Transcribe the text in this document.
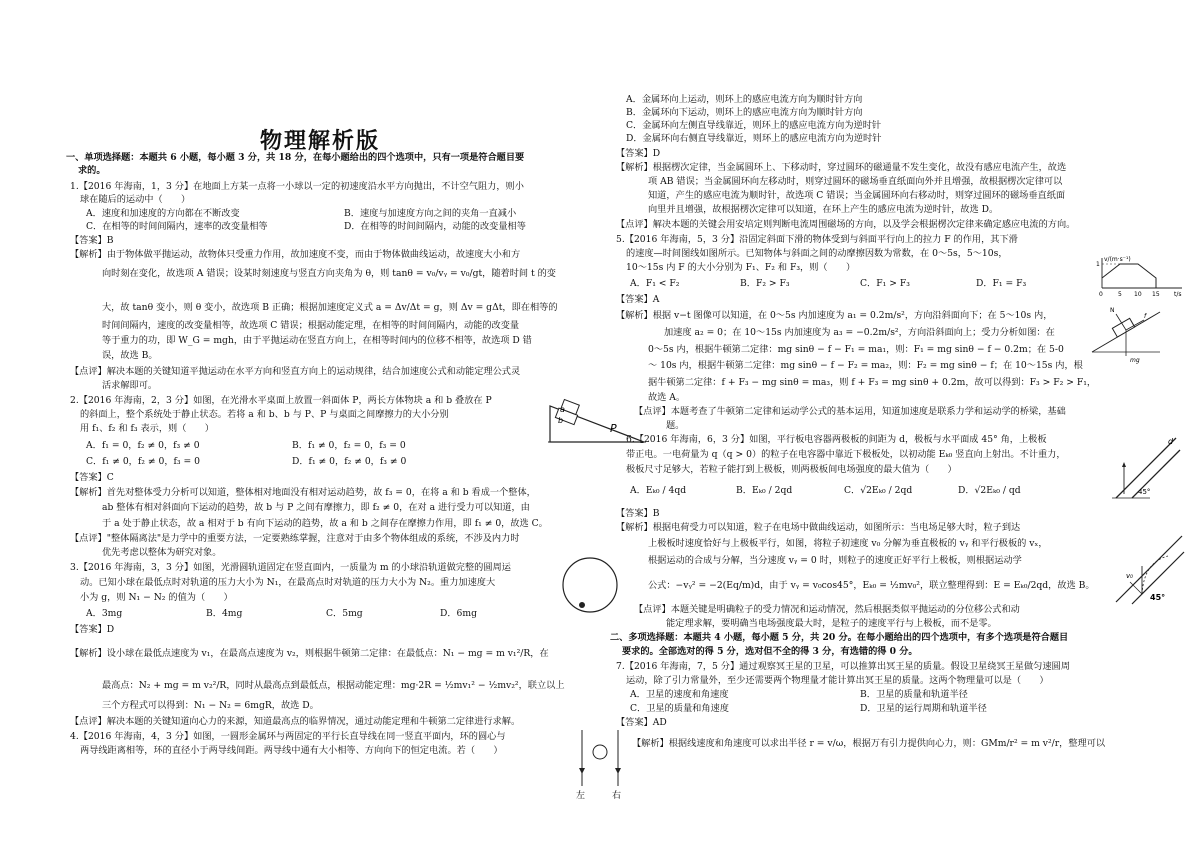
物理解析版
一、单项选择题：本题共 6 小题，每小题 3 分，共 18 分，在每小题给出的四个选项中，只有一项是符合题目要
求的。
1.【2016 年海南，1，3 分】在地面上方某一点将一小球以一定的初速度沿水平方向抛出，不计空气阻力，则小
球在随后的运动中（　　）
A．速度和加速度的方向都在不断改变	B．速度与加速度方向之间的夹角一直减小
C．在相等的时间间隔内，速率的改变量相等	D．在相等的时间间隔内，动能的改变量相等
【答案】B
【解析】由于物体做平抛运动，故物体只受重力作用，故加速度不变，而由于物体做曲线运动，故速度大小和方
向时刻在变化，故选项 A 错误；设某时刻速度与竖直方向夹角为 θ，则 tanθ = v₀/vᵧ = v₀/gt，随着时间 t 的变
大，故 tanθ 变小，则 θ 变小，故选项 B 正确；根据加速度定义式 a = Δv/Δt = g，则 Δv = gΔt，即在相等的
时间间隔内，速度的改变量相等，故选项 C 错误；根据动能定理，在相等的时间间隔内，动能的改变量
等于重力的功，即 W_G = mgh，由于平抛运动在竖直方向上，在相等时间内的位移不相等，故选项 D 错
误，故选 B。
【点评】解决本题的关键知道平抛运动在水平方向和竖直方向上的运动规律，结合加速度公式和动能定理公式灵
活求解即可。
2.【2016 年海南，2，3 分】如图，在光滑水平桌面上放置一斜面体 P，两长方体物块 a 和 b 叠放在 P
的斜面上，整个系统处于静止状态。若将 a 和 b、b 与 P、P 与桌面之间摩擦力的大小分别
用 f₁、f₂ 和 f₃ 表示，则（　　）
A．f₁ = 0，f₂ ≠ 0，f₃ ≠ 0	B．f₁ ≠ 0，f₂ = 0，f₃ = 0
C．f₁ ≠ 0，f₂ ≠ 0，f₃ = 0	D．f₁ ≠ 0，f₂ ≠ 0，f₃ ≠ 0
【答案】C
【解析】首先对整体受力分析可以知道，整体相对地面没有相对运动趋势，故 f₃ = 0，在将 a 和 b 看成一个整体，
ab 整体有相对斜面向下运动的趋势，故 b 与 P 之间有摩擦力，即 f₂ ≠ 0，在对 a 进行受力可以知道，由
于 a 处于静止状态，故 a 相对于 b 有向下运动的趋势，故 a 和 b 之间存在摩擦力作用，即 f₁ ≠ 0，故选 C。
【点评】"整体隔离法"是力学中的重要方法，一定要熟练掌握，注意对于由多个物体组成的系统，不涉及内力时
优先考虑以整体为研究对象。
3.【2016 年海南，3，3 分】如图，光滑圆轨道固定在竖直面内，一质量为 m 的小球沿轨道做完整的圆周运
动。已知小球在最低点时对轨道的压力大小为 N₁，在最高点时对轨道的压力大小为 N₂。重力加速度大
小为 g，则 N₁ − N₂ 的值为（　　）
A．3mg	B．4mg	C．5mg	D．6mg
【答案】D
【解析】设小球在最低点速度为 v₁，在最高点速度为 v₂，则根据牛顿第二定律：在最低点：N₁ − mg = m v₁²/R，在
最高点：N₂ + mg = m v₂²/R，同时从最高点到最低点，根据动能定理：mg·2R = ½mv₁² − ½mv₂²，联立以上
三个方程式可以得到：N₁ − N₂ = 6mgR，故选 D。
【点评】解决本题的关键知道向心力的来源，知道最高点的临界情况，通过动能定理和牛顿第二定律进行求解。
4.【2016 年海南，4，3 分】如图，一圆形金属环与两固定的平行长直导线在同一竖直平面内，环的圆心与
两导线距离相等，环的直径小于两导线间距。两导线中通有大小相等、方向向下的恒定电流。若（　　）
A．金属环向上运动，则环上的感应电流方向为顺时针方向
B．金属环向下运动，则环上的感应电流方向为顺时针方向
C．金属环向左侧直导线靠近，则环上的感应电流方向为逆时针
D．金属环向右侧直导线靠近，则环上的感应电流方向为逆时针
【答案】D
【解析】根据楞次定律，当金属圆环上、下移动时，穿过圆环的磁通量不发生变化，故没有感应电流产生，故选
项 AB 错误；当金属圆环向左移动时，则穿过圆环的磁场垂直纸面向外并且增强，故根据楞次定律可以
知道，产生的感应电流为顺时针，故选项 C 错误；当金属圆环向右移动时，则穿过圆环的磁场垂直纸面
向里并且增强，故根据楞次定律可以知道，在环上产生的感应电流为逆时针，故选 D。
【点评】解决本题的关键会用安培定则判断电流周围磁场的方向，以及学会根据楞次定律来确定感应电流的方向。
5.【2016 年海南，5，3 分】沿固定斜面下滑的物体受到与斜面平行向上的拉力 F 的作用，其下滑
的速度—时间图线如图所示。已知物体与斜面之间的动摩擦因数为常数，在 0～5s，5～10s，
10～15s 内 F 的大小分别为 F₁、F₂ 和 F₃，则（　　）
A．F₁ < F₂	B．F₂ > F₃	C．F₁ > F₃	D．F₁ = F₃
【答案】A
【解析】根据 v−t 图像可以知道，在 0～5s 内加速度为 a₁ = 0.2m/s²，方向沿斜面向下；在 5～10s 内，
加速度 a₂ = 0；在 10～15s 内加速度为 a₃ = −0.2m/s²，方向沿斜面向上；受力分析如图：在
0～5s 内，根据牛顿第二定律：mg sinθ − f − F₁ = ma₁，则：F₁ = mg sinθ − f − 0.2m；在 5-0
～ 10s 内，根据牛顿第二定律：mg sinθ − f − F₂ = ma₂，则：F₂ = mg sinθ − f；在 10～15s 内，根
据牛顿第二定律：f + F₃ − mg sinθ = ma₃，则 f + F₃ = mg sinθ + 0.2m，故可以得到：F₃ > F₂ > F₁，
故选 A。
【点评】本题考查了牛顿第二定律和运动学公式的基本运用，知道加速度是联系力学和运动学的桥梁，基础
题。
6.【2016 年海南，6，3 分】如图，平行板电容器两极板的间距为 d，极板与水平面成 45° 角，上极板
带正电。一电荷量为 q（q > 0）的粒子在电容器中靠近下极板处，以初动能 Eₖ₀ 竖直向上射出。不计重力，
极板尺寸足够大，若粒子能打到上极板，则两极板间电场强度的最大值为（　　）
A．Eₖ₀ / 4qd	B．Eₖ₀ / 2qd	C．√2Eₖ₀ / 2qd	D．√2Eₖ₀ / qd
【答案】B
【解析】根据电荷受力可以知道，粒子在电场中做曲线运动，如图所示：当电场足够大时，粒子到达
上极板时速度恰好与上极板平行，如图，将粒子初速度 v₀ 分解为垂直极板的 vᵧ 和平行极板的 vₓ，
根据运动的合成与分解，当分速度 vᵧ = 0 时，则粒子的速度正好平行上极板，则根据运动学
公式：−vᵧ² = −2(Eq/m)d，由于 vᵧ = v₀cos45°，Eₖ₀ = ½mv₀²，联立整理得到：E = Eₖ₀/2qd，故选 B。
【点评】本题关键是明确粒子的受力情况和运动情况，然后根据类似平抛运动的分位移公式和动
能定理求解，要明确当电场强度最大时，是粒子的速度平行与上极板，而不是零。
二、多项选择题：本题共 4 小题，每小题 5 分，共 20 分。在每小题给出的四个选项中，有多个选项是符合题目
要求的。全部选对的得 5 分，选对但不全的得 3 分，有选错的得 0 分。
7.【2016 年海南，7，5 分】通过观察冥王星的卫星，可以推算出冥王星的质量。假设卫星绕冥王星做匀速圆周
运动，除了引力常量外，至少还需要两个物理量才能计算出冥王星的质量。这两个物理量可以是（　　）
A．卫星的速度和角速度	B．卫星的质量和轨道半径
C．卫星的质量和角速度	D．卫星的运行周期和轨道半径
【答案】AD
【解析】根据线速度和角速度可以求出半径 r = v/ω，根据万有引力提供向心力，则：GMm/r² = m v²/r，整理可以
a
b
P
左	右
v/(m·s⁻¹)
1
0	5 10 15 t/s
N
f
mg
d
45°
v₀
45°
